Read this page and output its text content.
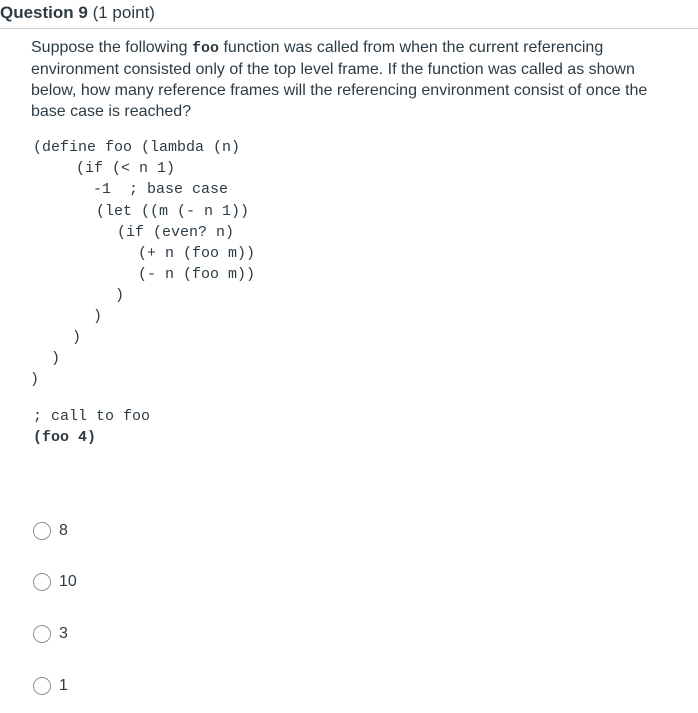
Question 9 (1 point)
Suppose the following foo function was called from when the current referencing environment consisted only of the top level frame. If the function was called as shown below, how many reference frames will the referencing environment consist of once the base case is reached?
(define foo (lambda (n)
(if (< n 1)
-1  ; base case
(let ((m (- n 1))
(if (even? n)
(+ n (foo m))
(- n (foo m))
)
)
)
)
)
; call to foo
(foo 4)
8
10
3
1
